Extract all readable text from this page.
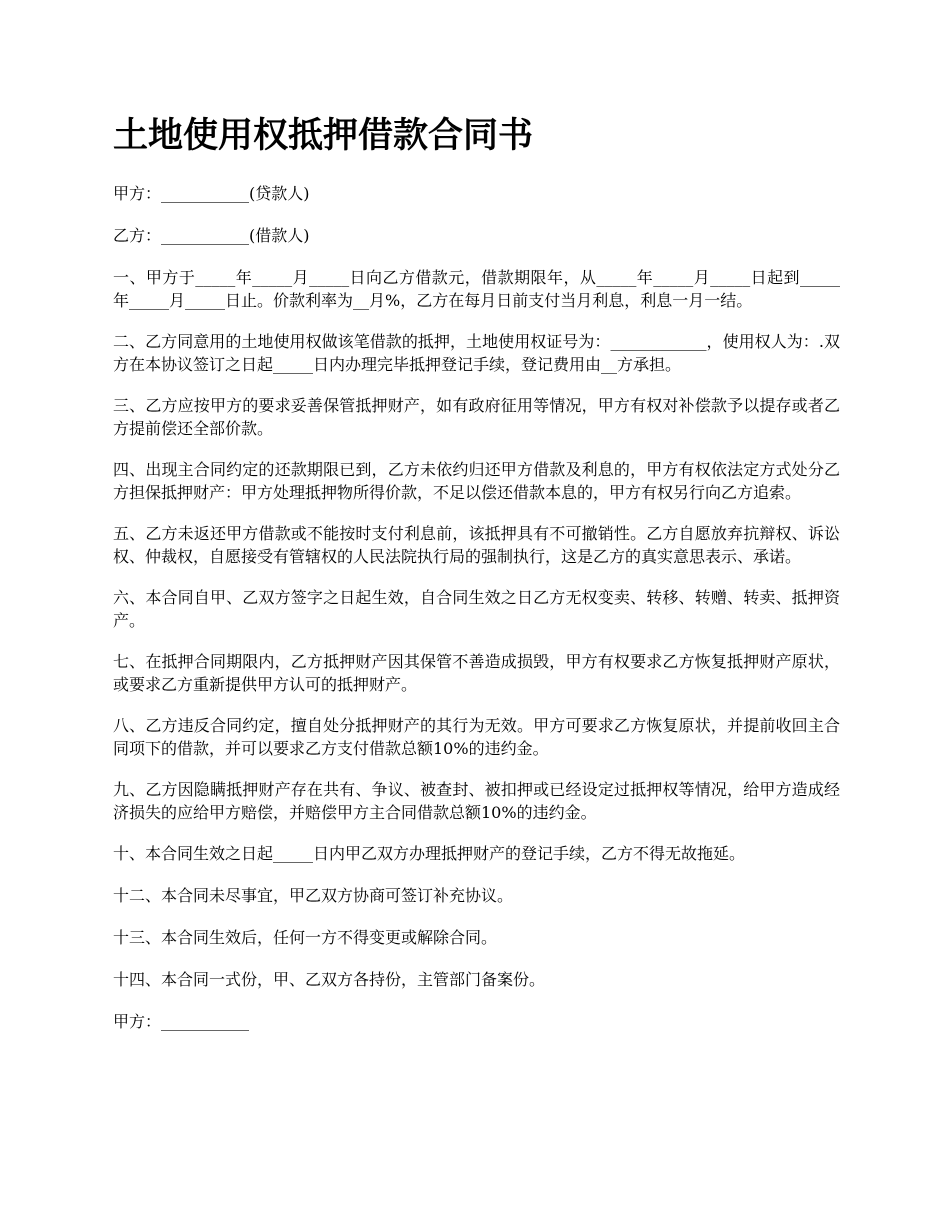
土地使用权抵押借款合同书

甲方：___________(贷款人)

乙方：___________(借款人)

一、甲方于_____年_____月_____日向乙方借款元，借款期限年，从_____年_____月_____日起到_____年_____月_____日止。价款利率为__月%，乙方在每月日前支付当月利息，利息一月一结。

二、乙方同意用的土地使用权做该笔借款的抵押，土地使用权证号为：____________，使用权人为：.双方在本协议签订之日起_____日内办理完毕抵押登记手续，登记费用由__方承担。

三、乙方应按甲方的要求妥善保管抵押财产，如有政府征用等情况，甲方有权对补偿款予以提存或者乙方提前偿还全部价款。

四、出现主合同约定的还款期限已到，乙方未依约归还甲方借款及利息的，甲方有权依法定方式处分乙方担保抵押财产：甲方处理抵押物所得价款，不足以偿还借款本息的，甲方有权另行向乙方追索。

五、乙方未返还甲方借款或不能按时支付利息前，该抵押具有不可撤销性。乙方自愿放弃抗辩权、诉讼权、仲裁权，自愿接受有管辖权的人民法院执行局的强制执行，这是乙方的真实意思表示、承诺。

六、本合同自甲、乙双方签字之日起生效，自合同生效之日乙方无权变卖、转移、转赠、转卖、抵押资产。

七、在抵押合同期限内，乙方抵押财产因其保管不善造成损毁，甲方有权要求乙方恢复抵押财产原状，或要求乙方重新提供甲方认可的抵押财产。

八、乙方违反合同约定，擅自处分抵押财产的其行为无效。甲方可要求乙方恢复原状，并提前收回主合同项下的借款，并可以要求乙方支付借款总额10%的违约金。

九、乙方因隐瞒抵押财产存在共有、争议、被查封、被扣押或已经设定过抵押权等情况，给甲方造成经济损失的应给甲方赔偿，并赔偿甲方主合同借款总额10%的违约金。

十、本合同生效之日起_____日内甲乙双方办理抵押财产的登记手续，乙方不得无故拖延。

十二、本合同未尽事宜，甲乙双方协商可签订补充协议。

十三、本合同生效后，任何一方不得变更或解除合同。

十四、本合同一式份，甲、乙双方各持份，主管部门备案份。

甲方：___________
